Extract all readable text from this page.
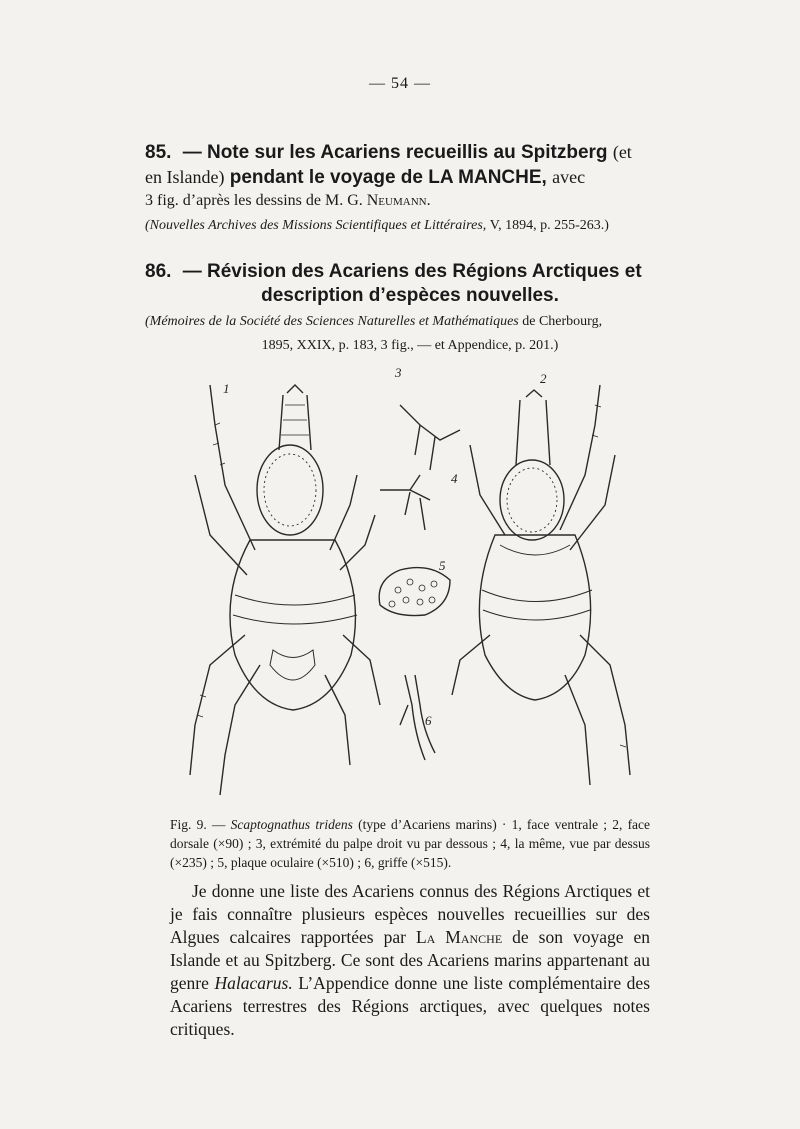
— 54 —
85. — Note sur les Acariens recueillis au Spitzberg (et
en Islande) pendant le voyage de LA MANCHE, avec
3 fig. d’après les dessins de M. G. Neumann.
(Nouvelles Archives des Missions Scientifiques et Littéraires, V, 1894, p. 255-263.)
86. — Révision des Acariens des Régions Arctiques et
description d’espèces nouvelles.
(Mémoires de la Société des Sciences Naturelles et Mathématiques de Cherbourg,
1895, XXIX, p. 183, 3 fig., — et Appendice, p. 201.)
1
2
3
4
5
6
Fig. 9. — Scaptognathus tridens (type d’Acariens marins) · 1, face ventrale ; 2, face dorsale (×90) ; 3, extrémité du palpe droit vu par dessous ; 4, la même, vue par dessus (×235) ; 5, plaque oculaire (×510) ; 6, griffe (×515).

Je donne une liste des Acariens connus des Régions Arctiques et je fais connaître plusieurs espèces nouvelles recueillies sur des Algues calcaires rapportées par La Manche de son voyage en Islande et au Spitzberg. Ce sont des Acariens marins appartenant au genre Halacarus. L’Appendice donne une liste complémentaire des Acariens terrestres des Régions arctiques, avec quelques notes critiques.
